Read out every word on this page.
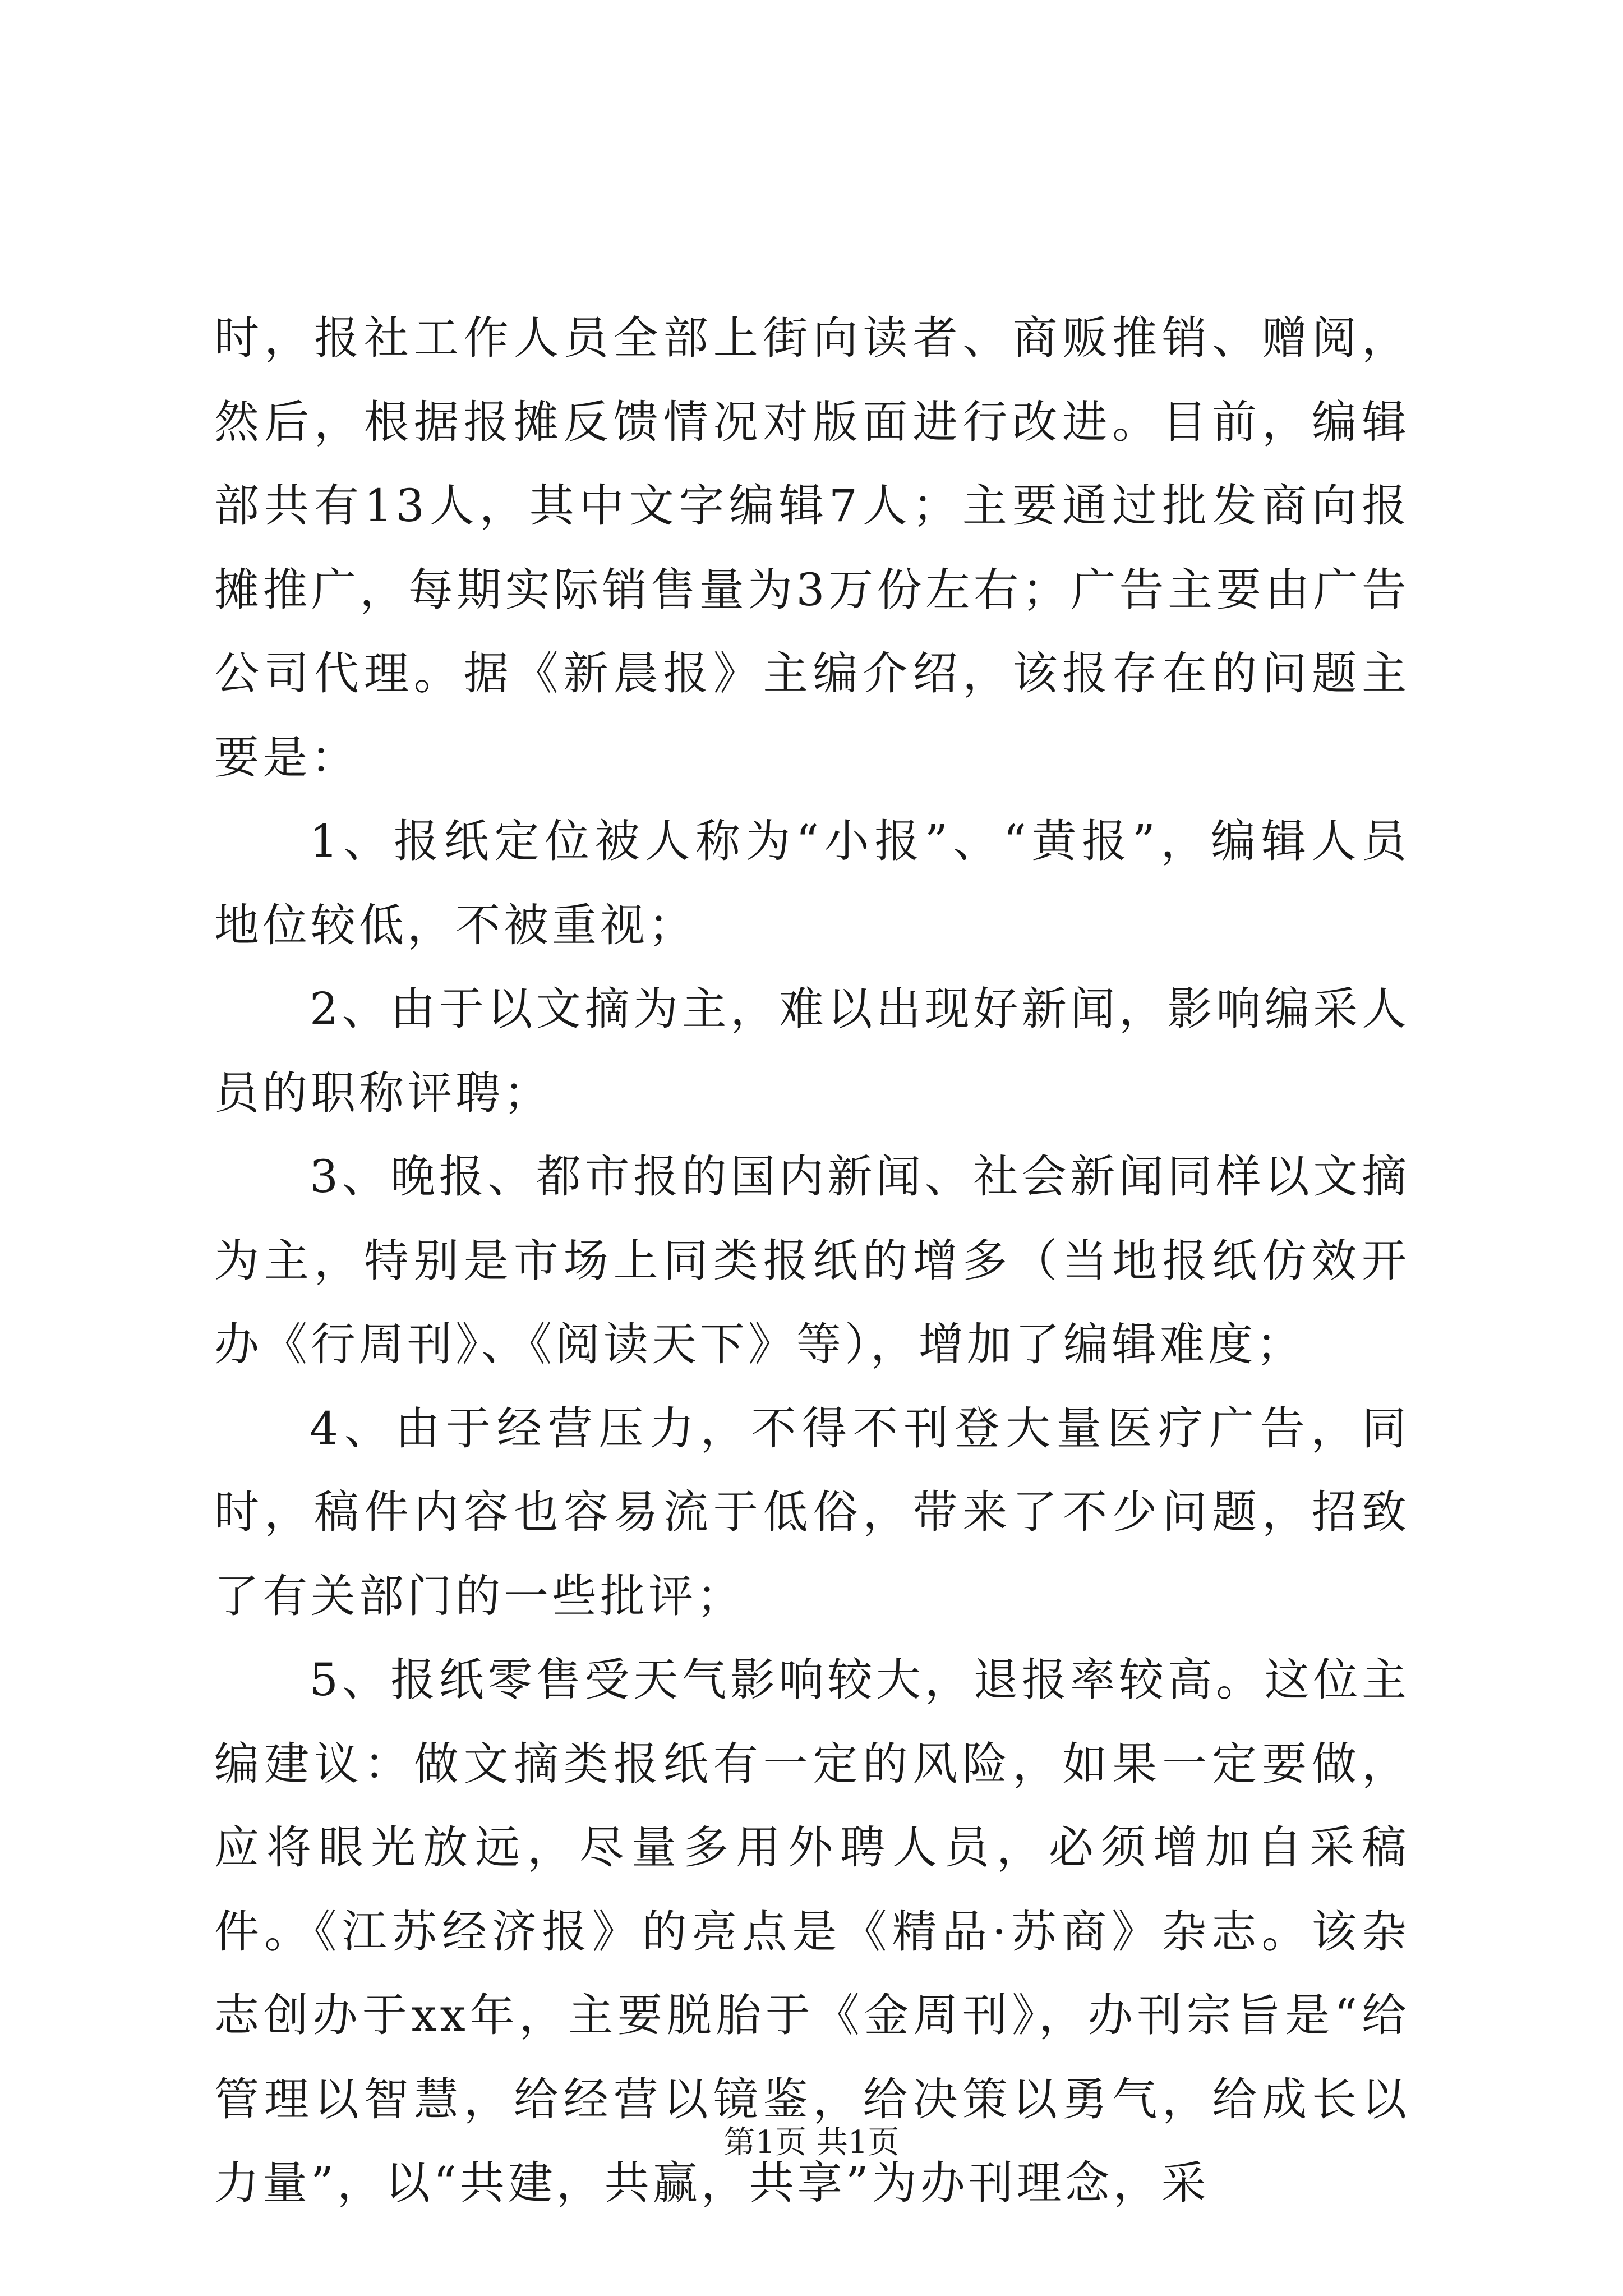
时，报社工作人员全部上街向读者、商贩推销、赠阅，然后，根据报摊反馈情况对版面进行改进。目前，编辑部共有13人，其中文字编辑7人；主要通过批发商向报摊推广，每期实际销售量为3万份左右；广告主要由广告公司代理。据《新晨报》主编介绍，该报存在的问题主要是：

1、报纸定位被人称为“小报”、“黄报”，编辑人员地位较低，不被重视；

2、由于以文摘为主，难以出现好新闻，影响编采人员的职称评聘；

3、晚报、都市报的国内新闻、社会新闻同样以文摘为主，特别是市场上同类报纸的增多（当地报纸仿效开办《行周刊》、《阅读天下》等），增加了编辑难度；

4、由于经营压力，不得不刊登大量医疗广告，同时，稿件内容也容易流于低俗，带来了不少问题，招致了有关部门的一些批评；

5、报纸零售受天气影响较大，退报率较高。这位主编建议：做文摘类报纸有一定的风险，如果一定要做，应将眼光放远，尽量多用外聘人员，必须增加自采稿件。《江苏经济报》的亮点是《精品·苏商》杂志。该杂志创办于xx年，主要脱胎于《金周刊》，办刊宗旨是“给管理以智慧，给经营以镜鉴，给决策以勇气，给成长以力量”，以“共建，共赢，共享”为办刊理念，采

第1页 共1页
